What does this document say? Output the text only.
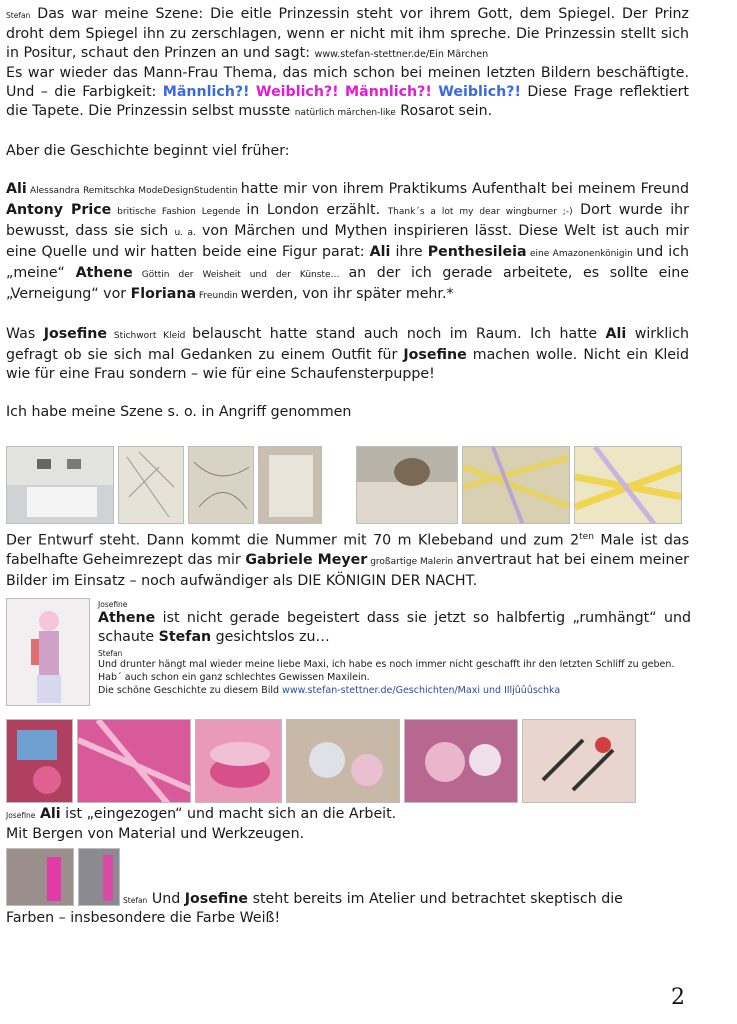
Stefan Das war meine Szene: Die eitle Prinzessin steht vor ihrem Gott, dem Spiegel. Der Prinz droht dem Spiegel ihn zu zerschlagen, wenn er nicht mit ihm spreche. Die Prinzessin stellt sich in Positur, schaut den Prinzen an und sagt: www.stefan-stettner.de/Ein Märchen

Es war wieder das Mann-Frau Thema, das mich schon bei meinen letzten Bildern beschäftigte. Und – die Farbigkeit: Männlich?! Weiblich?! Männlich?! Weiblich?! Diese Frage reflektiert die Tapete. Die Prinzessin selbst musste natürlich märchen-like Rosarot sein.

Aber die Geschichte beginnt viel früher:

Ali Alessandra Remitschka ModeDesignStudentin hatte mir von ihrem Praktikums Aufenthalt bei meinem Freund Antony Price britische Fashion Legende in London erzählt. Thank´s a lot my dear wingburner ;-) Dort wurde ihr bewusst, dass sie sich u. a. von Märchen und Mythen inspirieren lässt. Diese Welt ist auch mir eine Quelle und wir hatten beide eine Figur parat: Ali ihre Penthesileia eine Amazonenkönigin und ich „meine“ Athene Göttin der Weisheit und der Künste… an der ich gerade arbeitete, es sollte eine „Verneigung“ vor Floriana Freundin werden, von ihr später mehr.*

Was Josefine Stichwort Kleid belauscht hatte stand auch noch im Raum. Ich hatte Ali wirklich gefragt ob sie sich mal Gedanken zu einem Outfit für Josefine machen wolle. Nicht ein Kleid wie für eine Frau sondern – wie für eine Schaufensterpuppe!

Ich habe meine Szene s. o. in Angriff genommen

Der Entwurf steht. Dann kommt die Nummer mit 70 m Klebeband und zum $2^{ten}$ Male ist das fabelhafte Geheimrezept das mir Gabriele Meyer großartige Malerin anvertraut hat bei einem meiner Bilder im Einsatz – noch aufwändiger als DIE KÖNIGIN DER NACHT.

Josefine

Athene ist nicht gerade begeistert dass sie jetzt so halbfertig „rumhängt“ und schaute Stefan gesichtslos zu…

Stefan

Und drunter hängt mal wieder meine liebe Maxi, ich habe es noch immer nicht geschafft ihr den letzten Schliff zu geben. Hab´ auch schon ein ganz schlechtes Gewissen Maxilein.

Die schöne Geschichte zu diesem Bild www.stefan-stettner.de/Geschichten/Maxi und Illjûûûschka

Josefine Ali ist „eingezogen“ und macht sich an die Arbeit.

Mit Bergen von Material und Werkzeugen.

Stefan Und Josefine steht bereits im Atelier und betrachtet skeptisch die

Farben – insbesondere die Farbe Weiß!

2
